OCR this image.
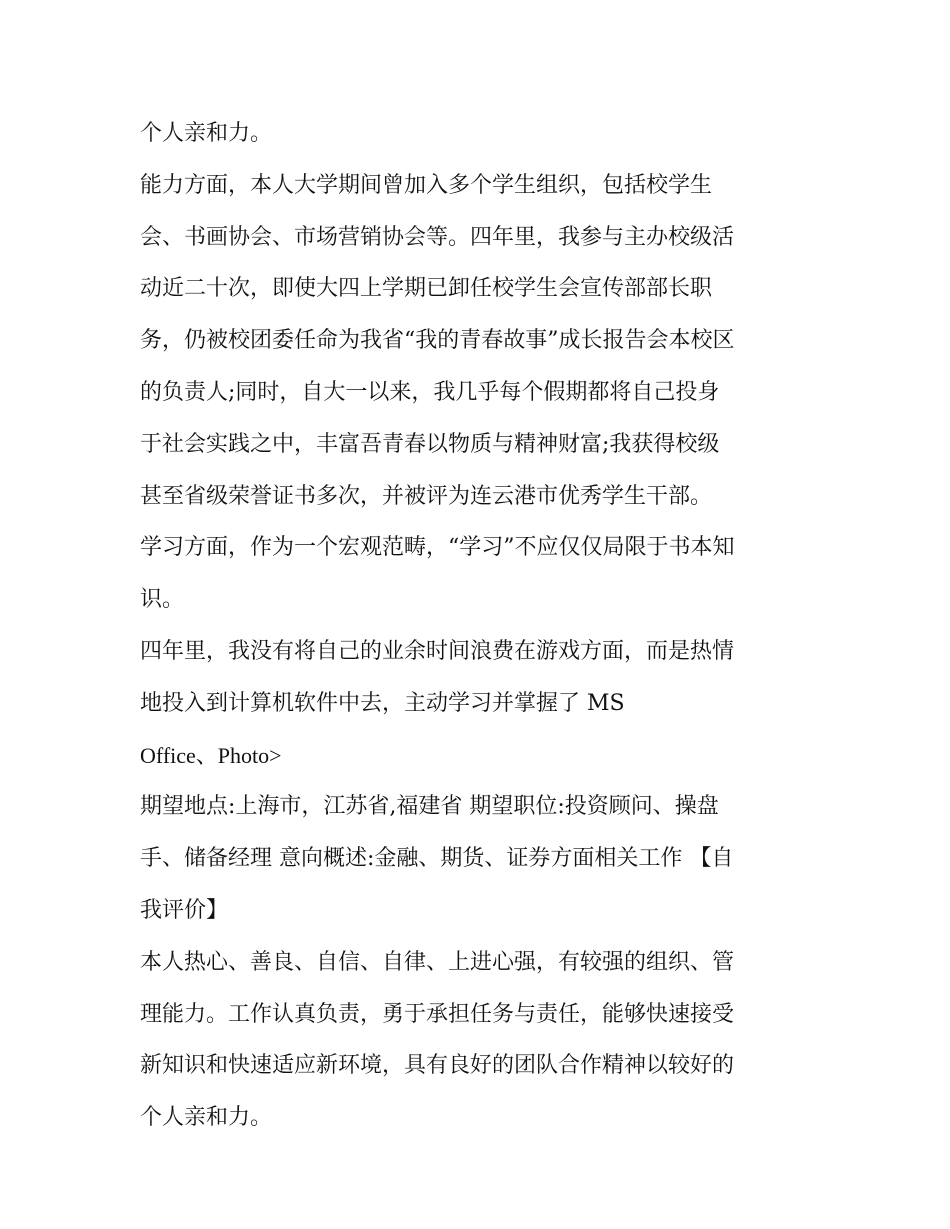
个人亲和力。
能力方面，本人大学期间曾加入多个学生组织，包括校学生
会、书画协会、市场营销协会等。四年里，我参与主办校级活
动近二十次，即使大四上学期已卸任校学生会宣传部部长职
务，仍被校团委任命为我省“我的青春故事”成长报告会本校区
的负责人;同时，自大一以来，我几乎每个假期都将自己投身
于社会实践之中，丰富吾青春以物质与精神财富;我获得校级
甚至省级荣誉证书多次，并被评为连云港市优秀学生干部。
学习方面，作为一个宏观范畴，“学习”不应仅仅局限于书本知
识。
四年里，我没有将自己的业余时间浪费在游戏方面，而是热情
地投入到计算机软件中去，主动学习并掌握了 MS
Office、Photo>
期望地点:上海市，江苏省,福建省 期望职位:投资顾问、操盘
手、储备经理 意向概述:金融、期货、证券方面相关工作 【自
我评价】
本人热心、善良、自信、自律、上进心强，有较强的组织、管
理能力。工作认真负责，勇于承担任务与责任，能够快速接受
新知识和快速适应新环境，具有良好的团队合作精神以较好的
个人亲和力。
